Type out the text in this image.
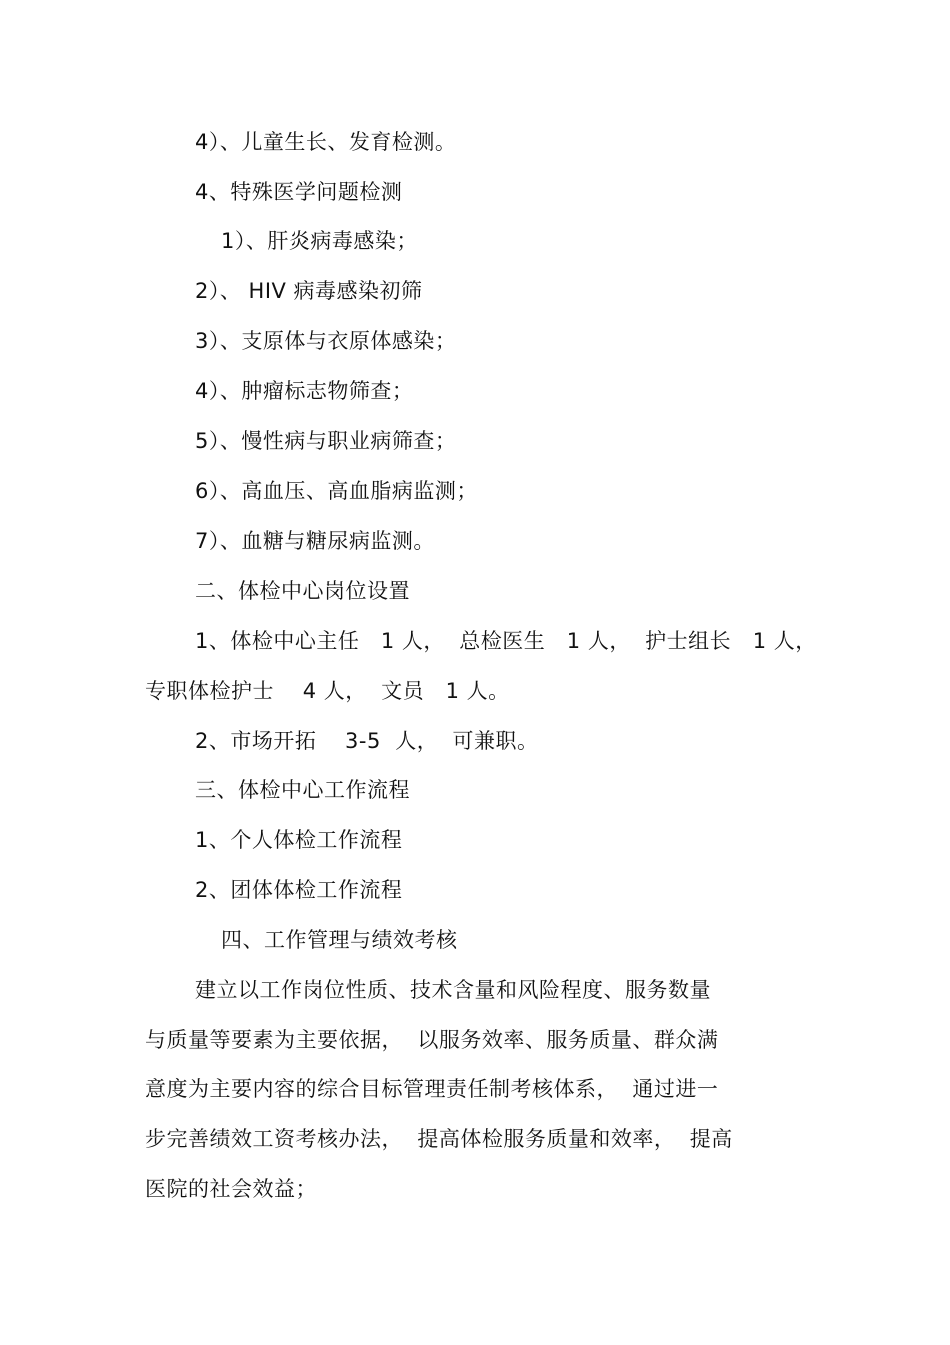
4）、儿童生长、发育检测。
4、特殊医学问题检测
1）、肝炎病毒感染；
2）、 HIV 病毒感染初筛
3）、支原体与衣原体感染；
4）、肿瘤标志物筛查；
5）、慢性病与职业病筛查；
6）、高血压、高血脂病监测；
7）、血糖与糖尿病监测。
二、体检中心岗位设置
1、体检中心主任   1 人，  总检医生   1 人，  护士组长   1 人，
专职体检护士    4 人，  文员   1 人。
2、市场开拓    3-5  人，  可兼职。
三、体检中心工作流程
1、个人体检工作流程
2、团体体检工作流程
四、工作管理与绩效考核
建立以工作岗位性质、技术含量和风险程度、服务数量
与质量等要素为主要依据，  以服务效率、服务质量、群众满
意度为主要内容的综合目标管理责任制考核体系，  通过进一
步完善绩效工资考核办法，  提高体检服务质量和效率，  提高
医院的社会效益；
